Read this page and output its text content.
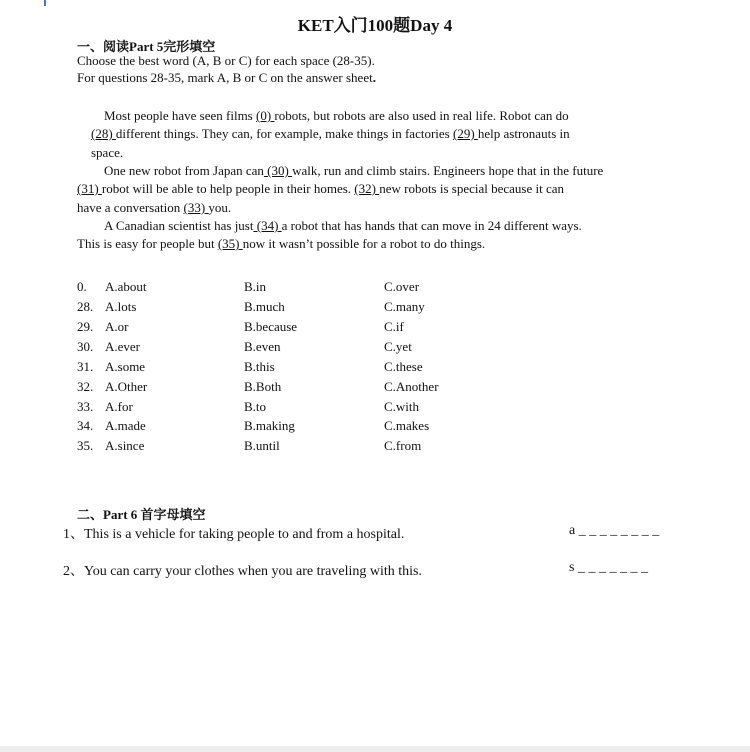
KET入门100题Day 4
一、阅读Part 5完形填空
Choose the best word (A, B or C) for each space (28-35).
For questions 28-35, mark A, B or C on the answer sheet.
Most people have seen films (0) robots, but robots are also used in real life. Robot can do
(28) different things. They can, for example, make things in factories (29) help astronauts in
space.
One new robot from Japan can (30) walk, run and climb stairs. Engineers hope that in the future
(31) robot will be able to help people in their homes. (32) new robots is special because it can
have a conversation (33) you.
A Canadian scientist has just (34) a robot that has hands that can move in 24 different ways.
This is easy for people but (35) now it wasn’t possible for a robot to do things.
0. A.about	B.in	C.over
28. A.lots	B.much	C.many
29. A.or	B.because	C.if
30. A.ever	B.even	C.yet
31. A.some	B.this	C.these
32. A.Other	B.Both	C.Another
33. A.for	B.to	C.with
34. A.made	B.making	C.makes
35. A.since	B.until	C.from
二、Part 6 首字母填空
1、This is a vehicle for taking people to and from a hospital.	a _ _ _ _ _ _ _ _
2、You can carry your clothes when you are traveling with this.	s _ _ _ _ _ _ _
